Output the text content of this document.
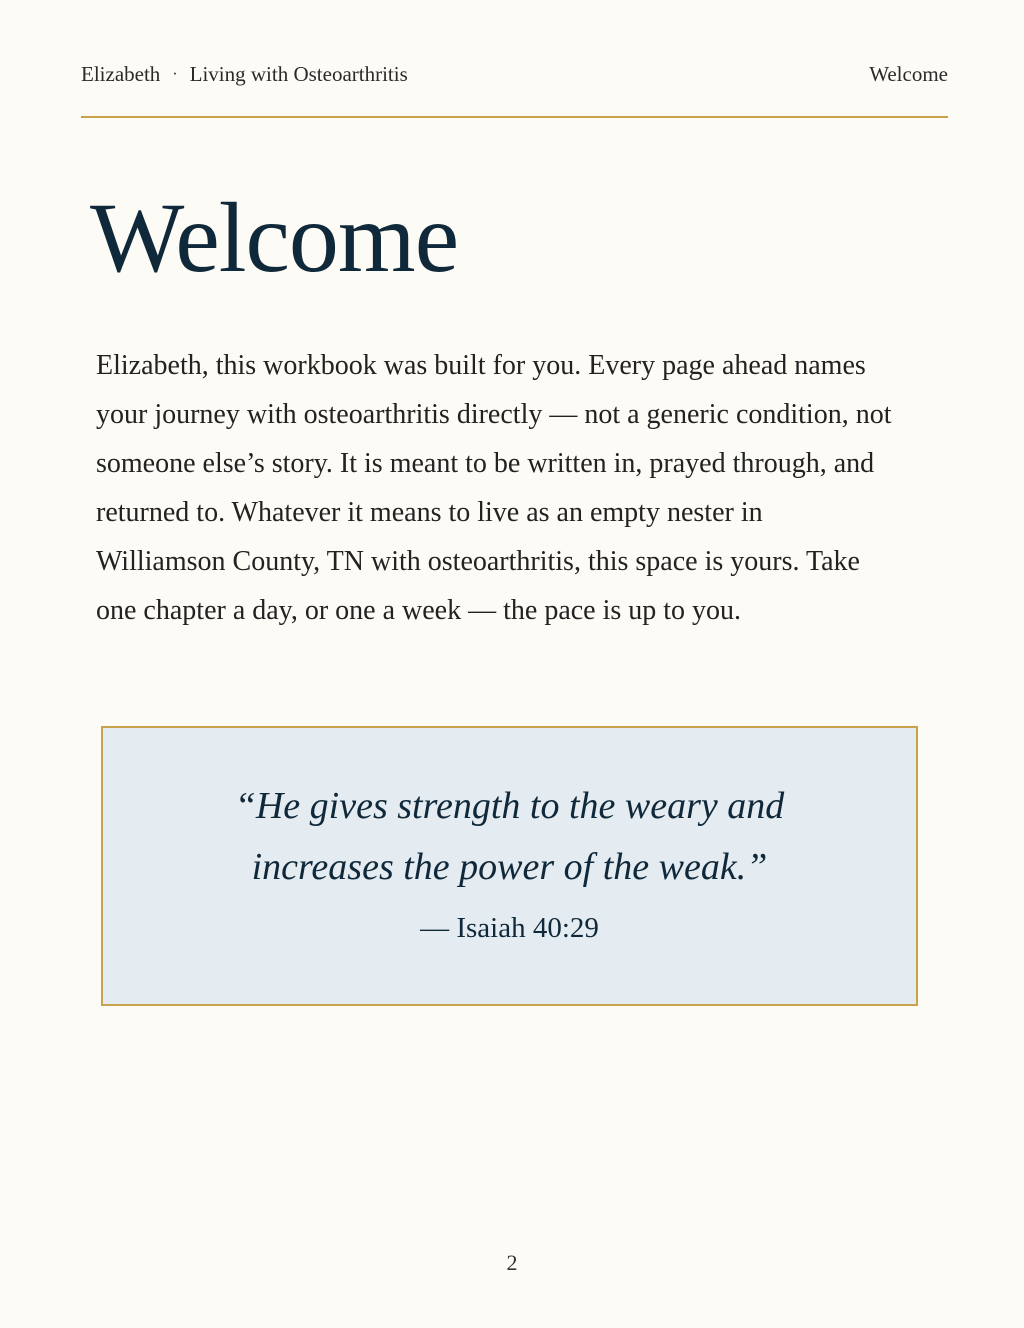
Elizabeth · Living with Osteoarthritis	Welcome
Welcome

Elizabeth, this workbook was built for you. Every page ahead names your journey with osteoarthritis directly — not a generic condition, not someone else’s story. It is meant to be written in, prayed through, and returned to. Whatever it means to live as an empty nester in Williamson County, TN with osteoarthritis, this space is yours. Take one chapter a day, or one a week — the pace is up to you.

“He gives strength to the weary and increases the power of the weak.”
— Isaiah 40:29
2
